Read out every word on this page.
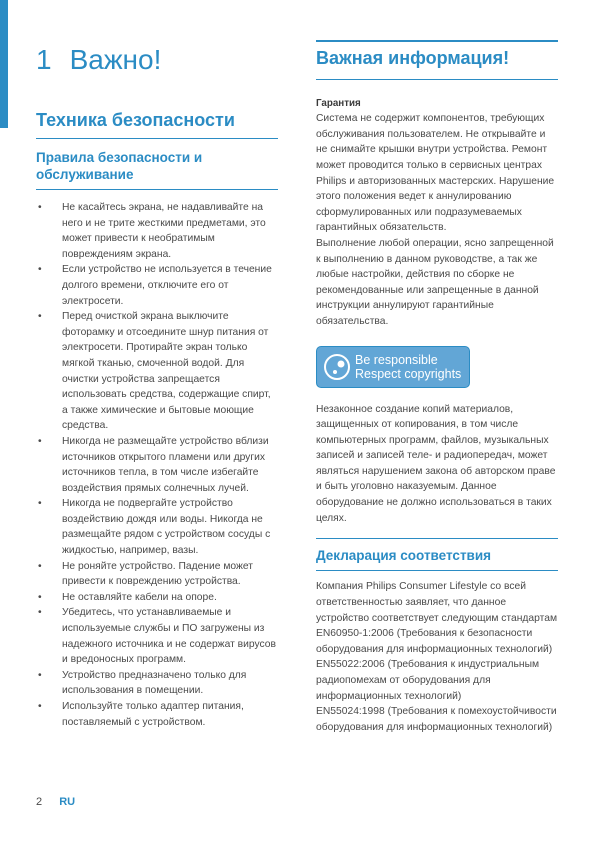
1 Важно!
Техника безопасности
Правила безопасности и обслуживание
• Не касайтесь экрана, не надавливайте на него и не трите жесткими предметами, это может привести к необратимым повреждениям экрана.
• Если устройство не используется в течение долгого времени, отключите его от электросети.
• Перед очисткой экрана выключите фоторамку и отсоедините шнур питания от электросети. Протирайте экран только мягкой тканью, смоченной водой. Для очистки устройства запрещается использовать средства, содержащие спирт, а также химические и бытовые моющие средства.
• Никогда не размещайте устройство вблизи источников открытого пламени или других источников тепла, в том числе избегайте воздействия прямых солнечных лучей.
• Никогда не подвергайте устройство воздействию дождя или воды. Никогда не размещайте рядом с устройством сосуды с жидкостью, например, вазы.
• Не роняйте устройство. Падение может привести к повреждению устройства.
• Не оставляйте кабели на опоре.
• Убедитесь, что устанавливаемые и используемые службы и ПО загружены из надежного источника и не содержат вирусов и вредоносных программ.
• Устройство предназначено только для использования в помещении.
• Используйте только адаптер питания, поставляемый с устройством.
Важная информация!
Гарантия

Система не содержит компонентов, требующих обслуживания пользователем. Не открывайте и не снимайте крышки внутри устройства. Ремонт может проводится только в сервисных центрах Philips и авторизованных мастерских. Нарушение этого положения ведет к аннулированию сформулированных или подразумеваемых гарантийных обязательств.

Выполнение любой операции, ясно запрещенной к выполнению в данном руководстве, а так же любые настройки, действия по сборке не рекомендованные или запрещенные в данной инструкции аннулируют гарантийные обязательства.

Be responsible
Respect copyrights

Незаконное создание копий материалов, защищенных от копирования, в том числе компьютерных программ, файлов, музыкальных записей и записей теле- и радиопередач, может являться нарушением закона об авторском праве и быть уголовно наказуемым. Данное оборудование не должно использоваться в таких целях.

Декларация соответствия

Компания Philips Consumer Lifestyle со всей ответственностью заявляет, что данное устройство соответствует следующим стандартам

EN60950-1:2006 (Требования к безопасности оборудования для информационных технологий)

EN55022:2006 (Требования к индустриальным радиопомехам от оборудования для информационных технологий)

EN55024:1998 (Требования к помехоустойчивости оборудования для информационных технологий)

2 RU
